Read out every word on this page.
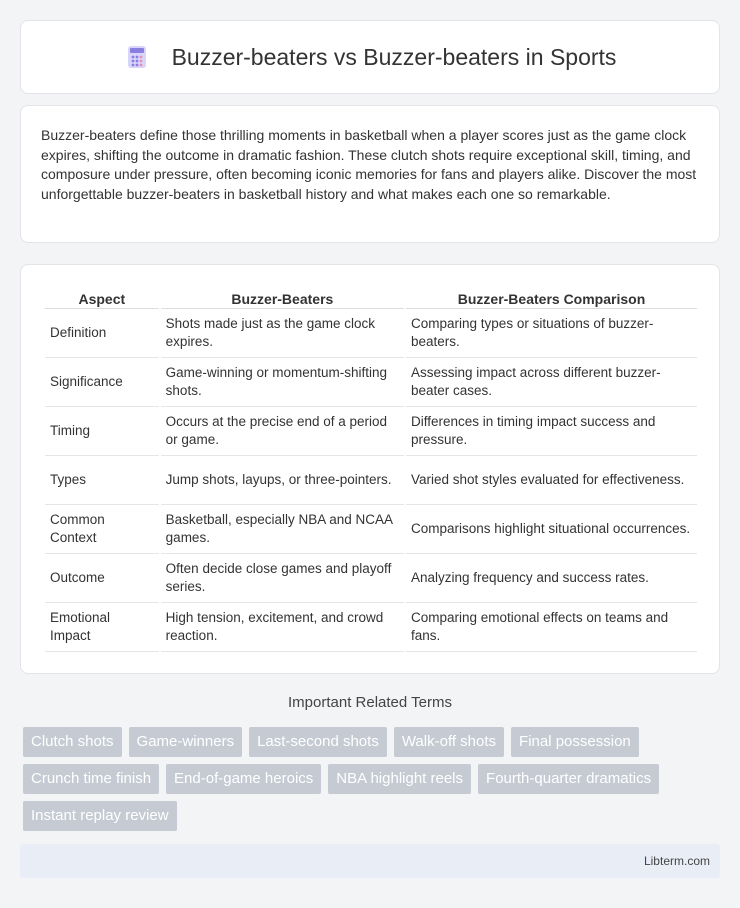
Buzzer-beaters vs Buzzer-beaters in Sports

Buzzer-beaters define those thrilling moments in basketball when a player scores just as the game clock expires, shifting the outcome in dramatic fashion. These clutch shots require exceptional skill, timing, and composure under pressure, often becoming iconic memories for fans and players alike. Discover the most unforgettable buzzer-beaters in basketball history and what makes each one so remarkable.

Aspect	Buzzer-Beaters	Buzzer-Beaters Comparison
Definition	Shots made just as the game clock expires.	Comparing types or situations of buzzer-beaters.
Significance	Game-winning or momentum-shifting shots.	Assessing impact across different buzzer-beater cases.
Timing	Occurs at the precise end of a period or game.	Differences in timing impact success and pressure.
Types	Jump shots, layups, or three-pointers.	Varied shot styles evaluated for effectiveness.
Common Context	Basketball, especially NBA and NCAA games.	Comparisons highlight situational occurrences.
Outcome	Often decide close games and playoff series.	Analyzing frequency and success rates.
Emotional Impact	High tension, excitement, and crowd reaction.	Comparing emotional effects on teams and fans.
Important Related Terms
Clutch shots	Game-winners	Last-second shots	Walk-off shots	Final possession
Crunch time finish	End-of-game heroics	NBA highlight reels	Fourth-quarter dramatics
Instant replay review
Libterm.com
